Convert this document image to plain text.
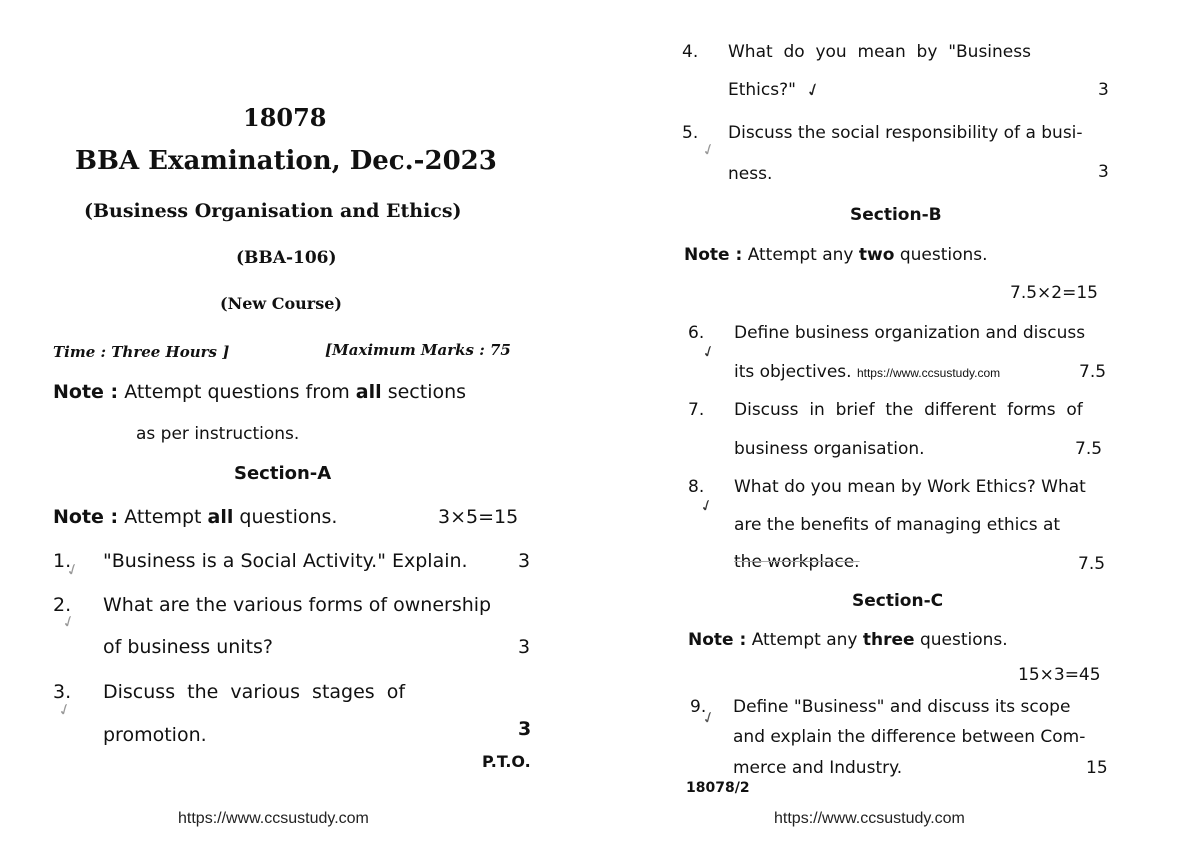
18078
BBA Examination, Dec.-2023
(Business Organisation and Ethics)
(BBA-106)
(New Course)
Time : Three Hours ]	[Maximum Marks : 75
Note : Attempt questions from all sections
as per instructions.
Section-A
Note : Attempt all questions.	3×5=15
1. "Business is a Social Activity." Explain.	3
2. What are the various forms of ownership
of business units?	3
3. Discuss  the  various  stages  of
promotion.	3
P.T.O.
https://www.ccsustudy.com
✓
✓
✓
4. What  do  you  mean  by  "Business
Ethics?"	3
5. Discuss the social responsibility of a busi-
ness.	3
Section-B
Note : Attempt any two questions.
7.5×2=15
6. Define business organization and discuss
its objectives. https://www.ccsustudy.com	7.5
7. Discuss  in  brief  the  different  forms  of
business organisation.	7.5
8. What do you mean by Work Ethics? What
are the benefits of managing ethics at
the workplace.	7.5
Section-C
Note : Attempt any three questions.
15×3=45
9. Define "Business" and discuss its scope
and explain the difference between Com-
merce and Industry.	15
18078/2
https://www.ccsustudy.com
✓
✓
✓
✓
✓
